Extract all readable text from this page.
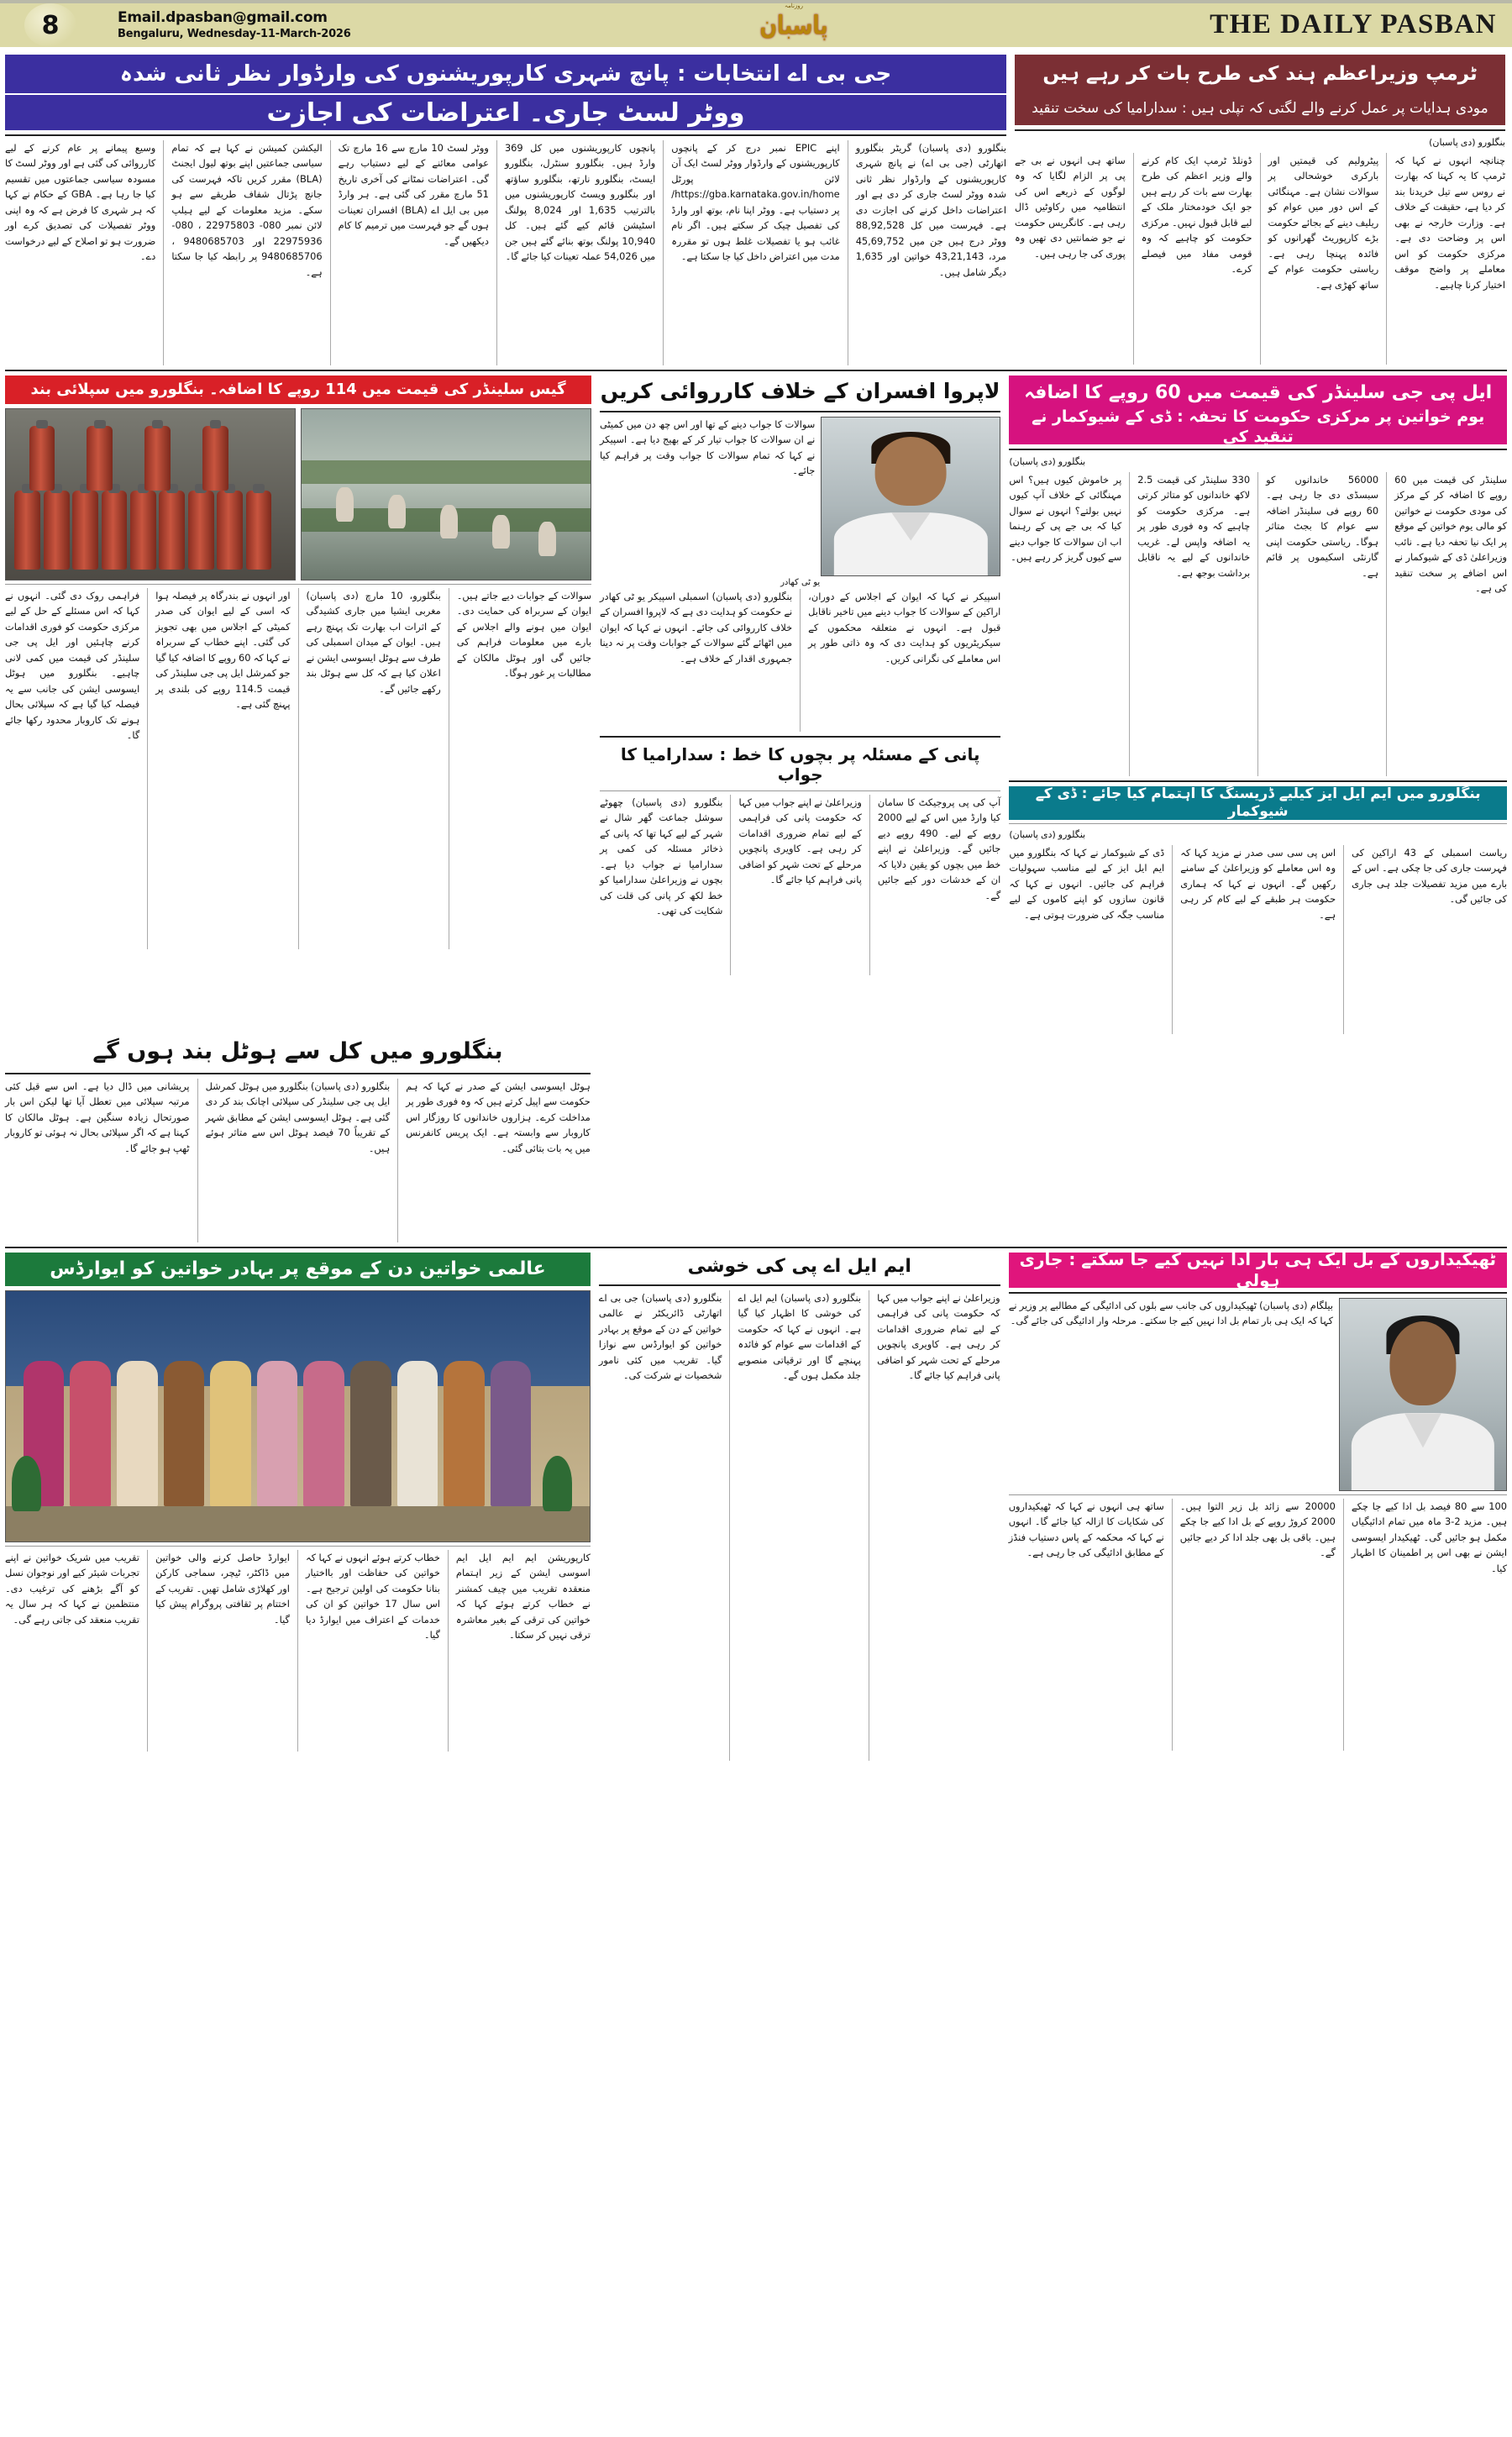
8	Email.dpasban@gmail.com
Bengaluru, Wednesday-11-March-2026
روزنامہ
پاسبان	THE DAILY PASBAN
جی بی اے انتخابات : پانچ شہری کارپوریشنوں کی وارڈوار نظر ثانی شدہ
ووٹر لسٹ جاری۔ اعتراضات کی اجازت
وسیع پیمانے پر عام کرنے کے لیے کارروائی کی گئی ہے اور ووٹر لسٹ کا مسودہ سیاسی جماعتوں میں تقسیم کیا جا رہا ہے۔ GBA کے حکام نے کہا کہ ہر شہری کا فرض ہے کہ وہ اپنی ووٹر تفصیلات کی تصدیق کرے اور ضرورت ہو تو اصلاح کے لیے درخواست دے۔
الیکشن کمیشن نے کہا ہے کہ تمام سیاسی جماعتیں اپنے بوتھ لیول ایجنٹ (BLA) مقرر کریں تاکہ فہرست کی جانچ پڑتال شفاف طریقے سے ہو سکے۔ مزید معلومات کے لیے ہیلپ لائن نمبر 080- 22975803 ، 080- 22975936 اور 9480685703 ، 9480685706 پر رابطہ کیا جا سکتا ہے۔
ووٹر لسٹ 10 مارچ سے 16 مارچ تک عوامی معائنے کے لیے دستیاب رہے گی۔ اعتراضات نمٹانے کی آخری تاریخ 51 مارچ مقرر کی گئی ہے۔ ہر وارڈ میں بی ایل اے (BLA) افسران تعینات ہوں گے جو فہرست میں ترمیم کا کام دیکھیں گے۔
پانچوں کارپوریشنوں میں کل 369 وارڈ ہیں۔ بنگلورو سنٹرل، بنگلورو ایسٹ، بنگلورو نارتھ، بنگلورو ساؤتھ اور بنگلورو ویسٹ کارپوریشنوں میں بالترتیب 1,635 اور 8,024 پولنگ اسٹیشن قائم کیے گئے ہیں۔ کل 10,940 پولنگ بوتھ بنائے گئے ہیں جن میں 54,026 عملہ تعینات کیا جائے گا۔
اپنے EPIC نمبر درج کر کے پانچوں کارپوریشنوں کے وارڈوار ووٹر لسٹ ایک آن لائن پورٹل https://gba.karnataka.gov.in/home/ پر دستیاب ہے۔ ووٹر اپنا نام، بوتھ اور وارڈ کی تفصیل چیک کر سکتے ہیں۔ اگر نام غائب ہو یا تفصیلات غلط ہوں تو مقررہ مدت میں اعتراض داخل کیا جا سکتا ہے۔
بنگلورو (دی پاسبان) گریٹر بنگلورو اتھارٹی (جی بی اے) نے پانچ شہری کارپوریشنوں کے وارڈوار نظر ثانی شدہ ووٹر لسٹ جاری کر دی ہے اور اعتراضات داخل کرنے کی اجازت دی ہے۔ فہرست میں کل 88,92,528 ووٹر درج ہیں جن میں 45,69,752 مرد، 43,21,143 خواتین اور 1,635 دیگر شامل ہیں۔
ٹرمپ وزیراعظم ہند کی طرح بات کر رہے ہیں
مودی ہدایات پر عمل کرنے والے لگتی کہ تپلی ہیں : سدارامیا کی سخت تنقید
بنگلورو (دی پاسبان)
ساتھ ہی انہوں نے بی جے پی پر الزام لگایا کہ وہ لوگوں کے ذریعے اس کی انتظامیہ میں رکاوٹیں ڈال رہی ہے۔ کانگریس حکومت نے جو ضمانتیں دی تھیں وہ پوری کی جا رہی ہیں۔
ڈونلڈ ٹرمپ ایک کام کرنے والے وزیر اعظم کی طرح بھارت سے بات کر رہے ہیں جو ایک خودمختار ملک کے لیے قابل قبول نہیں۔ مرکزی حکومت کو چاہیے کہ وہ قومی مفاد میں فیصلے کرے۔
پیٹرولیم کی قیمتیں اور بارکری خوشحالی پر سوالات نشان ہے۔ مہنگائی کے اس دور میں عوام کو ریلیف دینے کے بجائے حکومت بڑے کارپوریٹ گھرانوں کو فائدہ پہنچا رہی ہے۔ ریاستی حکومت عوام کے ساتھ کھڑی ہے۔
چنانچہ انہوں نے کہا کہ ٹرمپ کا یہ کہنا کہ بھارت نے روس سے تیل خریدنا بند کر دیا ہے، حقیقت کے خلاف ہے۔ وزارت خارجہ نے بھی اس پر وضاحت دی ہے۔ مرکزی حکومت کو اس معاملے پر واضح موقف اختیار کرنا چاہیے۔
گیس سلینڈر کی قیمت میں 114 روپے کا اضافہ۔ بنگلورو میں سپلائی بند
فراہمی روک دی گئی۔ انہوں نے کہا کہ اس مسئلے کے حل کے لیے مرکزی حکومت کو فوری اقدامات کرنے چاہئیں اور ایل پی جی سلینڈر کی قیمت میں کمی لانی چاہیے۔ بنگلورو میں ہوٹل ایسوسی ایشن کی جانب سے یہ فیصلہ کیا گیا ہے کہ سپلائی بحال ہونے تک کاروبار محدود رکھا جائے گا۔
اور انہوں نے بندرگاہ پر فیصلہ ہوا کہ اسی کے لیے ایوان کی صدر کمیٹی کے اجلاس میں بھی تجویز کی گئی۔ اپنے خطاب کے سربراہ نے کہا کہ 60 روپے کا اضافہ کیا گیا جو کمرشل ایل پی جی سلینڈر کی قیمت 114.5 روپے کی بلندی پر پہنچ گئی ہے۔
بنگلورو، 10 مارچ (دی پاسبان) مغربی ایشیا میں جاری کشیدگی کے اثرات اب بھارت تک پہنچ رہے ہیں۔ ایوان کے میدان اسمبلی کی طرف سے ہوٹل ایسوسی ایشن نے اعلان کیا ہے کہ کل سے ہوٹل بند رکھے جائیں گے۔
سوالات کے جوابات دیے جاتے ہیں۔ ایوان کے سربراہ کی حمایت دی۔ ایوان میں ہونے والے اجلاس کے بارے میں معلومات فراہم کی جائیں گی اور ہوٹل مالکان کے مطالبات پر غور ہوگا۔
لاپروا افسران کے خلاف کارروائی کریں
سوالات کا جواب دینے کے تھا اور اس چھ دن میں کمیٹی نے ان سوالات کا جواب تیار کر کے بھیج دیا ہے۔ اسپیکر نے کہا کہ تمام سوالات کا جواب وقت پر فراہم کیا جائے۔
یو ٹی کھادر
بنگلورو (دی پاسبان) اسمبلی اسپیکر یو ٹی کھادر نے حکومت کو ہدایت دی ہے کہ لاپروا افسران کے خلاف کارروائی کی جائے۔ انہوں نے کہا کہ ایوان میں اٹھائے گئے سوالات کے جوابات وقت پر نہ دینا جمہوری اقدار کے خلاف ہے۔
اسپیکر نے کہا کہ ایوان کے اجلاس کے دوران، اراکین کے سوالات کا جواب دینے میں تاخیر ناقابل قبول ہے۔ انہوں نے متعلقہ محکموں کے سیکریٹریوں کو ہدایت دی کہ وہ ذاتی طور پر اس معاملے کی نگرانی کریں۔
پانی کے مسئلہ پر بچوں کا خط : سدارامیا کا جواب
بنگلورو (دی پاسبان) چھوٹے سوشل جماعت گھر شال نے شہر کے لیے کہا تھا کہ پانی کے ذخائر مسئلہ کی کمی پر سدارامیا نے جواب دیا ہے۔ بچوں نے وزیراعلیٰ سدارامیا کو خط لکھ کر پانی کی قلت کی شکایت کی تھی۔
وزیراعلیٰ نے اپنے جواب میں کہا کہ حکومت پانی کی فراہمی کے لیے تمام ضروری اقدامات کر رہی ہے۔ کاویری پانچویں مرحلے کے تحت شہر کو اضافی پانی فراہم کیا جائے گا۔
آپ کی پی پروجیکٹ کا سامان کیا وارڈ میں اس کے لیے 2000 روپے کے لیے۔ 490 روپے دیے جائیں گے۔ وزیراعلیٰ نے اپنے خط میں بچوں کو یقین دلایا کہ ان کے خدشات دور کیے جائیں گے۔
ایل پی جی سلینڈر کی قیمت میں 60 روپے کا اضافہ
یوم خواتین پر مرکزی حکومت کا تحفہ : ڈی کے شیوکمار نے تنقید کی
بنگلورو (دی پاسبان)
پر خاموش کیوں ہیں؟ اس مہنگائی کے خلاف آپ کیوں نہیں بولتے؟ انہوں نے سوال کیا کہ بی جے پی کے رہنما اب ان سوالات کا جواب دینے سے کیوں گریز کر رہے ہیں۔
330 سلینڈر کی قیمت 2.5 لاکھ خاندانوں کو متاثر کرتی ہے۔ مرکزی حکومت کو چاہیے کہ وہ فوری طور پر یہ اضافہ واپس لے۔ غریب خاندانوں کے لیے یہ ناقابل برداشت بوجھ ہے۔
56000 خاندانوں کو سبسڈی دی جا رہی ہے۔ 60 روپے فی سلینڈر اضافہ سے عوام کا بجٹ متاثر ہوگا۔ ریاستی حکومت اپنی گارنٹی اسکیموں پر قائم ہے۔
سلینڈر کی قیمت میں 60 روپے کا اضافہ کر کے مرکز کی مودی حکومت نے خواتین کو مالی یوم خواتین کے موقع پر ایک نیا تحفہ دیا ہے۔ نائب وزیراعلیٰ ڈی کے شیوکمار نے اس اضافے پر سخت تنقید کی ہے۔
بنگلورو میں ایم ایل ایز کیلیے ڈریسنگ کا اہتمام کیا جائے : ڈی کے شیوکمار
بنگلورو (دی پاسبان)
ڈی کے شیوکمار نے کہا کہ بنگلورو میں ایم ایل ایز کے لیے مناسب سہولیات فراہم کی جائیں۔ انہوں نے کہا کہ قانون سازوں کو اپنے کاموں کے لیے مناسب جگہ کی ضرورت ہوتی ہے۔
اس پی سی سی صدر نے مزید کہا کہ وہ اس معاملے کو وزیراعلیٰ کے سامنے رکھیں گے۔ انہوں نے کہا کہ ہماری حکومت ہر طبقے کے لیے کام کر رہی ہے۔
ریاست اسمبلی کے 43 اراکین کی فہرست جاری کی جا چکی ہے۔ اس کے بارے میں مزید تفصیلات جلد ہی جاری کی جائیں گی۔
بنگلورو میں کل سے ہوٹل بند ہوں گے
پریشانی میں ڈال دیا ہے۔ اس سے قبل کئی مرتبہ سپلائی میں تعطل آیا تھا لیکن اس بار صورتحال زیادہ سنگین ہے۔ ہوٹل مالکان کا کہنا ہے کہ اگر سپلائی بحال نہ ہوئی تو کاروبار ٹھپ ہو جائے گا۔
بنگلورو (دی پاسبان) بنگلورو میں ہوٹل کمرشل ایل پی جی سلینڈر کی سپلائی اچانک بند کر دی گئی ہے۔ ہوٹل ایسوسی ایشن کے مطابق شہر کے تقریباً 70 فیصد ہوٹل اس سے متاثر ہوئے ہیں۔
ہوٹل ایسوسی ایشن کے صدر نے کہا کہ ہم حکومت سے اپیل کرتے ہیں کہ وہ فوری طور پر مداخلت کرے۔ ہزاروں خاندانوں کا روزگار اس کاروبار سے وابستہ ہے۔ ایک پریس کانفرنس میں یہ بات بتائی گئی۔
عالمی خواتین دن کے موقع پر بہادر خواتین کو ایوارڈس
تقریب میں شریک خواتین نے اپنے تجربات شیئر کیے اور نوجوان نسل کو آگے بڑھنے کی ترغیب دی۔ منتظمین نے کہا کہ ہر سال یہ تقریب منعقد کی جاتی رہے گی۔
ایوارڈ حاصل کرنے والی خواتین میں ڈاکٹر، ٹیچر، سماجی کارکن اور کھلاڑی شامل تھیں۔ تقریب کے اختتام پر ثقافتی پروگرام پیش کیا گیا۔
خطاب کرتے ہوئے انہوں نے کہا کہ خواتین کی حفاظت اور بااختیار بنانا حکومت کی اولین ترجیح ہے۔ اس سال 17 خواتین کو ان کی خدمات کے اعتراف میں ایوارڈ دیا گیا۔
کارپوریشن ایم ایم ایل ایم اسوسی ایشن کے زیر اہتمام منعقدہ تقریب میں چیف کمشنر نے خطاب کرتے ہوئے کہا کہ خواتین کی ترقی کے بغیر معاشرہ ترقی نہیں کر سکتا۔
ایم ایل اے پی کی خوشی
بنگلورو (دی پاسبان) جی بی اے اتھارٹی ڈائریکٹر نے عالمی خواتین کے دن کے موقع پر بہادر خواتین کو ایوارڈس سے نوازا گیا۔ تقریب میں کئی نامور شخصیات نے شرکت کی۔
بنگلورو (دی پاسبان) ایم ایل اے کی خوشی کا اظہار کیا گیا ہے۔ انہوں نے کہا کہ حکومت کے اقدامات سے عوام کو فائدہ پہنچے گا اور ترقیاتی منصوبے جلد مکمل ہوں گے۔
وزیراعلیٰ نے اپنے جواب میں کہا کہ حکومت پانی کی فراہمی کے لیے تمام ضروری اقدامات کر رہی ہے۔ کاویری پانچویں مرحلے کے تحت شہر کو اضافی پانی فراہم کیا جائے گا۔
ٹھیکیداروں کے بل ایک ہی بار ادا نہیں کیے جا سکتے : جاری ہولی
بیلگام (دی پاسبان) ٹھیکیداروں کی جانب سے بلوں کی ادائیگی کے مطالبے پر وزیر نے کہا کہ ایک ہی بار تمام بل ادا نہیں کیے جا سکتے۔ مرحلہ وار ادائیگی کی جائے گی۔
ساتھ ہی انہوں نے کہا کہ ٹھیکیداروں کی شکایات کا ازالہ کیا جائے گا۔ انہوں نے کہا کہ محکمہ کے پاس دستیاب فنڈز کے مطابق ادائیگی کی جا رہی ہے۔
20000 سے زائد بل زیر التوا ہیں۔ 2000 کروڑ روپے کے بل ادا کیے جا چکے ہیں۔ باقی بل بھی جلد ادا کر دیے جائیں گے۔
100 سے 80 فیصد بل ادا کیے جا چکے ہیں۔ مزید 2-3 ماہ میں تمام ادائیگیاں مکمل ہو جائیں گی۔ ٹھیکیدار ایسوسی ایشن نے بھی اس پر اطمینان کا اظہار کیا۔
